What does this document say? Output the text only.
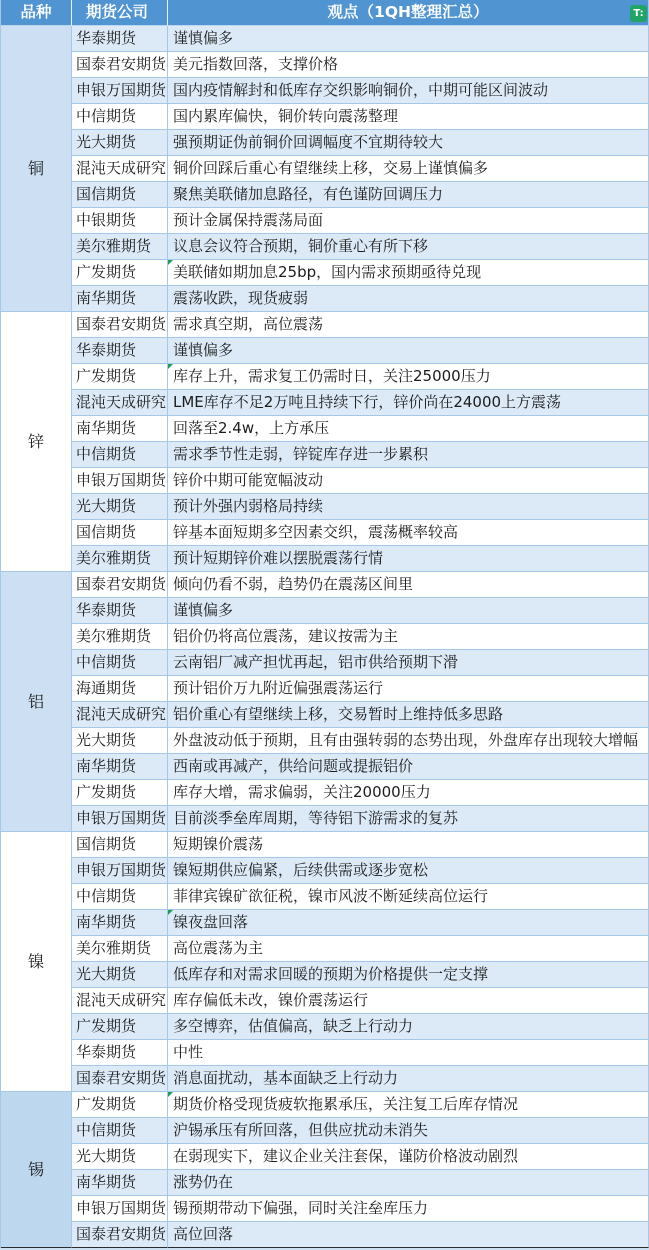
品种	期货公司	观点（1QH整理汇总）	T:
铜
华泰期货	谨慎偏多
国泰君安期货 美元指数回落，支撑价格
申银万国期货 国内疫情解封和低库存交织影响铜价，中期可能区间波动
中信期货	国内累库偏快，铜价转向震荡整理
光大期货	强预期证伪前铜价回调幅度不宜期待较大
混沌天成研究 铜价回踩后重心有望继续上移，交易上谨慎偏多
国信期货	聚焦美联储加息路径，有色谨防回调压力
中银期货	预计金属保持震荡局面
美尔雅期货	议息会议符合预期，铜价重心有所下移
广发期货	美联储如期加息25bp，国内需求预期亟待兑现
南华期货	震荡收跌，现货疲弱
锌
国泰君安期货 需求真空期，高位震荡
华泰期货	谨慎偏多
广发期货	库存上升，需求复工仍需时日，关注25000压力
混沌天成研究 LME库存不足2万吨且持续下行，锌价尚在24000上方震荡
南华期货	回落至2.4w，上方承压
中信期货	需求季节性走弱，锌锭库存进一步累积
申银万国期货 锌价中期可能宽幅波动
光大期货	预计外强内弱格局持续
国信期货	锌基本面短期多空因素交织，震荡概率较高
美尔雅期货	预计短期锌价难以摆脱震荡行情
铝
国泰君安期货 倾向仍看不弱，趋势仍在震荡区间里
华泰期货	谨慎偏多
美尔雅期货	铝价仍将高位震荡，建议按需为主
中信期货	云南铝厂减产担忧再起，铝市供给预期下滑
海通期货	预计铝价万九附近偏强震荡运行
混沌天成研究 铝价重心有望继续上移，交易暂时上维持低多思路
光大期货	外盘波动低于预期，且有由强转弱的态势出现，外盘库存出现较大增幅
南华期货	西南或再减产，供给问题或提振铝价
广发期货	库存大增，需求偏弱，关注20000压力
申银万国期货 目前淡季垒库周期，等待铝下游需求的复苏
镍
国信期货	短期镍价震荡
申银万国期货 镍短期供应偏紧，后续供需或逐步宽松
中信期货	菲律宾镍矿欲征税，镍市风波不断延续高位运行
南华期货	镍夜盘回落
美尔雅期货	高位震荡为主
光大期货	低库存和对需求回暖的预期为价格提供一定支撑
混沌天成研究 库存偏低未改，镍价震荡运行
广发期货	多空博弈，估值偏高，缺乏上行动力
华泰期货	中性
国泰君安期货 消息面扰动，基本面缺乏上行动力
锡
广发期货	期货价格受现货疲软拖累承压，关注复工后库存情况
中信期货	沪锡承压有所回落，但供应扰动未消失
光大期货	在弱现实下，建议企业关注套保，谨防价格波动剧烈
南华期货	涨势仍在
申银万国期货 锡预期带动下偏强，同时关注垒库压力
国泰君安期货 高位回落
